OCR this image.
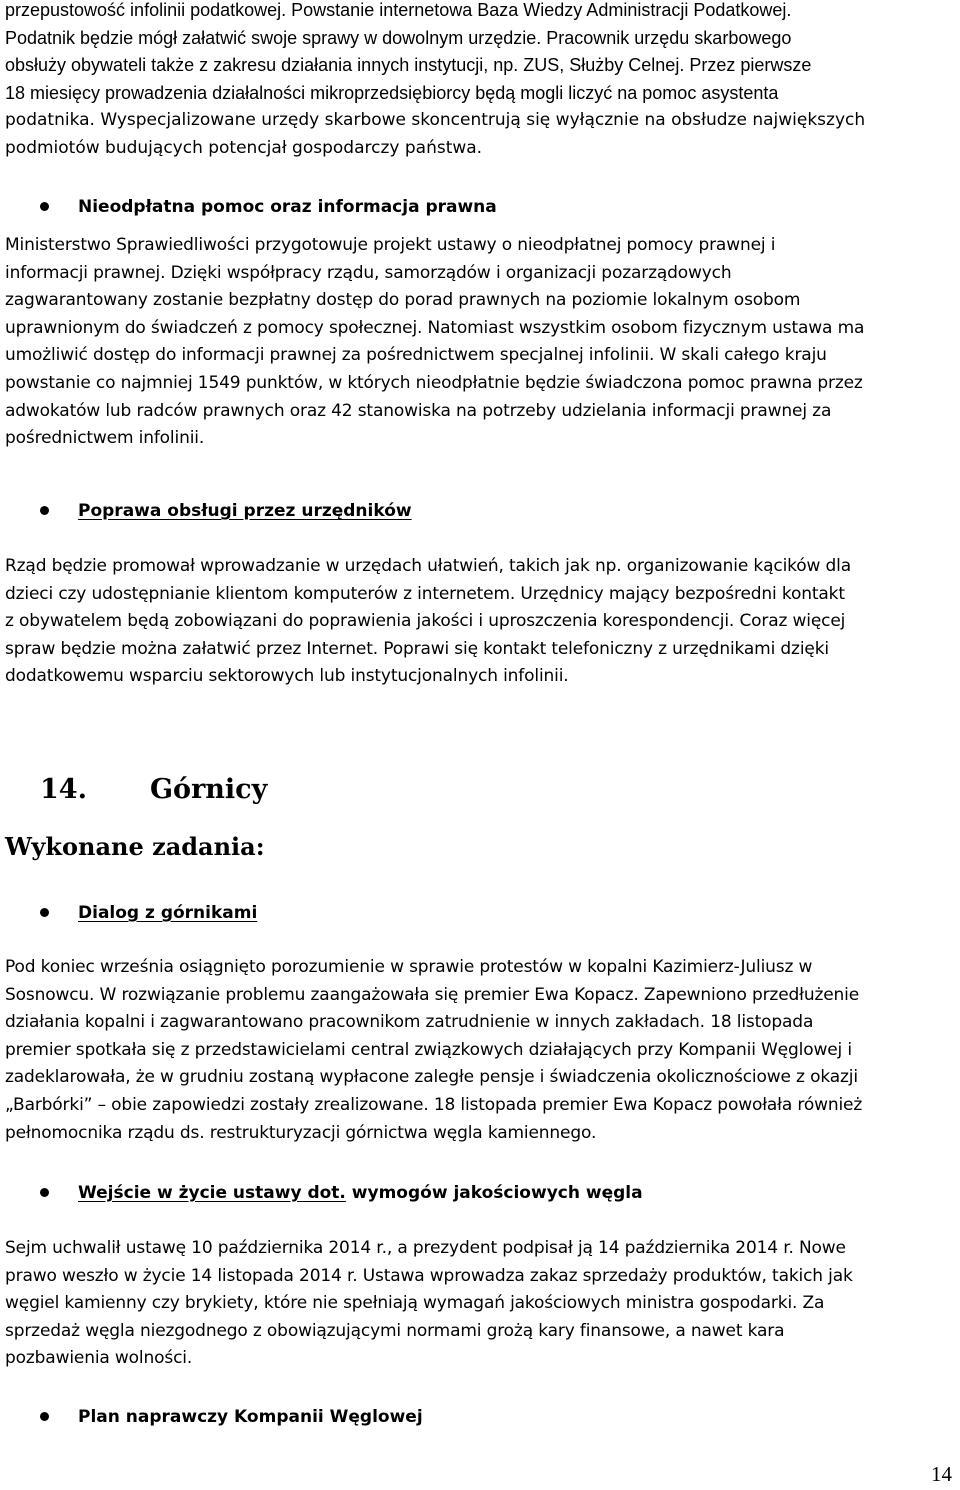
przepustowość infolinii podatkowej. Powstanie internetowa Baza Wiedzy Administracji Podatkowej.
Podatnik będzie mógł załatwić swoje sprawy w dowolnym urzędzie. Pracownik urzędu skarbowego
obsłuży obywateli także z zakresu działania innych instytucji, np. ZUS, Służby Celnej. Przez pierwsze
18 miesięcy prowadzenia działalności mikroprzedsiębiorcy będą mogli liczyć na pomoc asystenta
podatnika. Wyspecjalizowane urzędy skarbowe skoncentrują się wyłącznie na obsłudze największych
podmiotów budujących potencjał gospodarczy państwa.
Nieodpłatna pomoc oraz informacja prawna
Ministerstwo Sprawiedliwości przygotowuje projekt ustawy o nieodpłatnej pomocy prawnej i
informacji prawnej. Dzięki współpracy rządu, samorządów i organizacji pozarządowych
zagwarantowany zostanie bezpłatny dostęp do porad prawnych na poziomie lokalnym osobom
uprawnionym do świadczeń z pomocy społecznej. Natomiast wszystkim osobom fizycznym ustawa ma
umożliwić dostęp do informacji prawnej za pośrednictwem specjalnej infolinii. W skali całego kraju
powstanie co najmniej 1549 punktów, w których nieodpłatnie będzie świadczona pomoc prawna przez
adwokatów lub radców prawnych oraz 42 stanowiska na potrzeby udzielania informacji prawnej za
pośrednictwem infolinii.
Poprawa obsługi przez urzędników
Rząd będzie promował wprowadzanie w urzędach ułatwień, takich jak np. organizowanie kącików dla
dzieci czy udostępnianie klientom komputerów z internetem. Urzędnicy mający bezpośredni kontakt
z obywatelem będą zobowiązani do poprawienia jakości i uproszczenia korespondencji. Coraz więcej
spraw będzie można załatwić przez Internet. Poprawi się kontakt telefoniczny z urzędnikami dzięki
dodatkowemu wsparciu sektorowych lub instytucjonalnych infolinii.
14. Górnicy
Wykonane zadania:
Dialog z górnikami
Pod koniec września osiągnięto porozumienie w sprawie protestów w kopalni Kazimierz-Juliusz w
Sosnowcu. W rozwiązanie problemu zaangażowała się premier Ewa Kopacz. Zapewniono przedłużenie
działania kopalni i zagwarantowano pracownikom zatrudnienie w innych zakładach. 18 listopada
premier spotkała się z przedstawicielami central związkowych działających przy Kompanii Węglowej i
zadeklarowała, że w grudniu zostaną wypłacone zaległe pensje i świadczenia okolicznościowe z okazji
„Barbórki” – obie zapowiedzi zostały zrealizowane. 18 listopada premier Ewa Kopacz powołała również
pełnomocnika rządu ds. restrukturyzacji górnictwa węgla kamiennego.
Wejście w życie ustawy dot. wymogów jakościowych węgla
Sejm uchwalił ustawę 10 października 2014 r., a prezydent podpisał ją 14 października 2014 r. Nowe
prawo weszło w życie 14 listopada 2014 r. Ustawa wprowadza zakaz sprzedaży produktów, takich jak
węgiel kamienny czy brykiety, które nie spełniają wymagań jakościowych ministra gospodarki. Za
sprzedaż węgla niezgodnego z obowiązującymi normami grożą kary finansowe, a nawet kara
pozbawienia wolności.
Plan naprawczy Kompanii Węglowej
14
